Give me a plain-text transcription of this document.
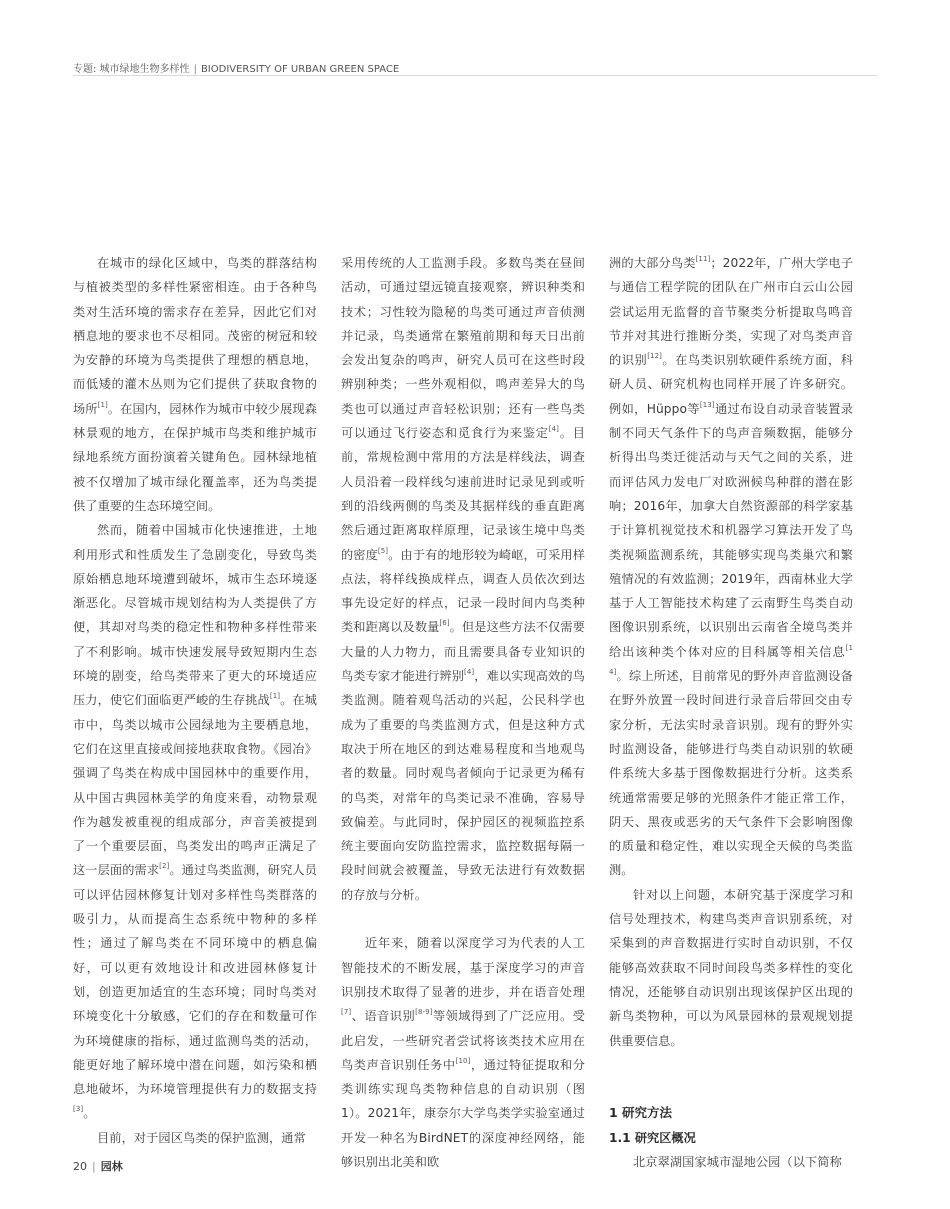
专题: 城市绿地生物多样性 | BIODIVERSITY OF URBAN GREEN SPACE

在城市的绿化区域中，鸟类的群落结构与植被类型的多样性紧密相连。由于各种鸟类对生活环境的需求存在差异，因此它们对栖息地的要求也不尽相同。茂密的树冠和较为安静的环境为鸟类提供了理想的栖息地，而低矮的灌木丛则为它们提供了获取食物的场所[1]。在国内，园林作为城市中较少展现森林景观的地方，在保护城市鸟类和维护城市绿地系统方面扮演着关键角色。园林绿地植被不仅增加了城市绿化覆盖率，还为鸟类提供了重要的生态环境空间。

然而，随着中国城市化快速推进，土地利用形式和性质发生了急剧变化，导致鸟类原始栖息地环境遭到破坏，城市生态环境逐渐恶化。尽管城市规划结构为人类提供了方便，其却对鸟类的稳定性和物种多样性带来了不利影响。城市快速发展导致短期内生态环境的剧变，给鸟类带来了更大的环境适应压力，使它们面临更严峻的生存挑战[1]。在城市中，鸟类以城市公园绿地为主要栖息地，它们在这里直接或间接地获取食物。《园冶》强调了鸟类在构成中国园林中的重要作用，从中国古典园林美学的角度来看，动物景观作为越发被重视的组成部分，声音美被提到了一个重要层面，鸟类发出的鸣声正满足了这一层面的需求[2]。通过鸟类监测，研究人员可以评估园林修复计划对多样性鸟类群落的吸引力，从而提高生态系统中物种的多样性；通过了解鸟类在不同环境中的栖息偏好，可以更有效地设计和改进园林修复计划，创造更加适宜的生态环境；同时鸟类对环境变化十分敏感，它们的存在和数量可作为环境健康的指标，通过监测鸟类的活动，能更好地了解环境中潜在问题，如污染和栖息地破坏，为环境管理提供有力的数据支持[3]。

目前，对于园区鸟类的保护监测，通常

采用传统的人工监测手段。多数鸟类在昼间活动，可通过望远镜直接观察，辨识种类和技术；习性较为隐秘的鸟类可通过声音侦测并记录，鸟类通常在繁殖前期和每天日出前会发出复杂的鸣声，研究人员可在这些时段辨别种类；一些外观相似，鸣声差异大的鸟类也可以通过声音轻松识别；还有一些鸟类可以通过飞行姿态和觅食行为来鉴定[4]。目前，常规检测中常用的方法是样线法，调查人员沿着一段样线匀速前进时记录见到或听到的沿线两侧的鸟类及其据样线的垂直距离然后通过距离取样原理，记录该生境中鸟类的密度[5]。由于有的地形较为崎岖，可采用样点法，将样线换成样点，调查人员依次到达事先设定好的样点，记录一段时间内鸟类种类和距离以及数量[6]。但是这些方法不仅需要大量的人力物力，而且需要具备专业知识的鸟类专家才能进行辨别[4]，难以实现高效的鸟类监测。随着观鸟活动的兴起，公民科学也成为了重要的鸟类监测方式，但是这种方式取决于所在地区的到达难易程度和当地观鸟者的数量。同时观鸟者倾向于记录更为稀有的鸟类，对常年的鸟类记录不准确，容易导致偏差。与此同时，保护园区的视频监控系统主要面向安防监控需求，监控数据每隔一段时间就会被覆盖，导致无法进行有效数据的存放与分析。

近年来，随着以深度学习为代表的人工智能技术的不断发展，基于深度学习的声音识别技术取得了显著的进步，并在语音处理[7]、语音识别[8-9]等领域得到了广泛应用。受此启发，一些研究者尝试将该类技术应用在鸟类声音识别任务中[10]，通过特征提取和分类训练实现鸟类物种信息的自动识别（图1）。2021年，康奈尔大学鸟类学实验室通过开发一种名为BirdNET的深度神经网络，能够识别出北美和欧

洲的大部分鸟类[11]；2022年，广州大学电子与通信工程学院的团队在广州市白云山公园尝试运用无监督的音节聚类分析提取鸟鸣音节并对其进行推断分类，实现了对鸟类声音的识别[12]。在鸟类识别软硬件系统方面，科研人员、研究机构也同样开展了许多研究。例如，Hüppo等[13]通过布设自动录音装置录制不同天气条件下的鸟声音频数据，能够分析得出鸟类迁徙活动与天气之间的关系，进而评估风力发电厂对欧洲候鸟种群的潜在影响；2016年，加拿大自然资源部的科学家基于计算机视觉技术和机器学习算法开发了鸟类视频监测系统，其能够实现鸟类巢穴和繁殖情况的有效监测；2019年，西南林业大学基于人工智能技术构建了云南野生鸟类自动图像识别系统，以识别出云南省全境鸟类并给出该种类个体对应的目科属等相关信息[14]。综上所述，目前常见的野外声音监测设备在野外放置一段时间进行录音后带回交由专家分析，无法实时录音识别。现有的野外实时监测设备，能够进行鸟类自动识别的软硬件系统大多基于图像数据进行分析。这类系统通常需要足够的光照条件才能正常工作，阴天、黑夜或恶劣的天气条件下会影响图像的质量和稳定性，难以实现全天候的鸟类监测。

针对以上问题，本研究基于深度学习和信号处理技术，构建鸟类声音识别系统，对采集到的声音数据进行实时自动识别，不仅能够高效获取不同时间段鸟类多样性的变化情况，还能够自动识别出现该保护区出现的新鸟类物种，可以为风景园林的景观规划提供重要信息。

1 研究方法
1.1 研究区概况

北京翠湖国家城市湿地公园（以下简称

20 | 园林
